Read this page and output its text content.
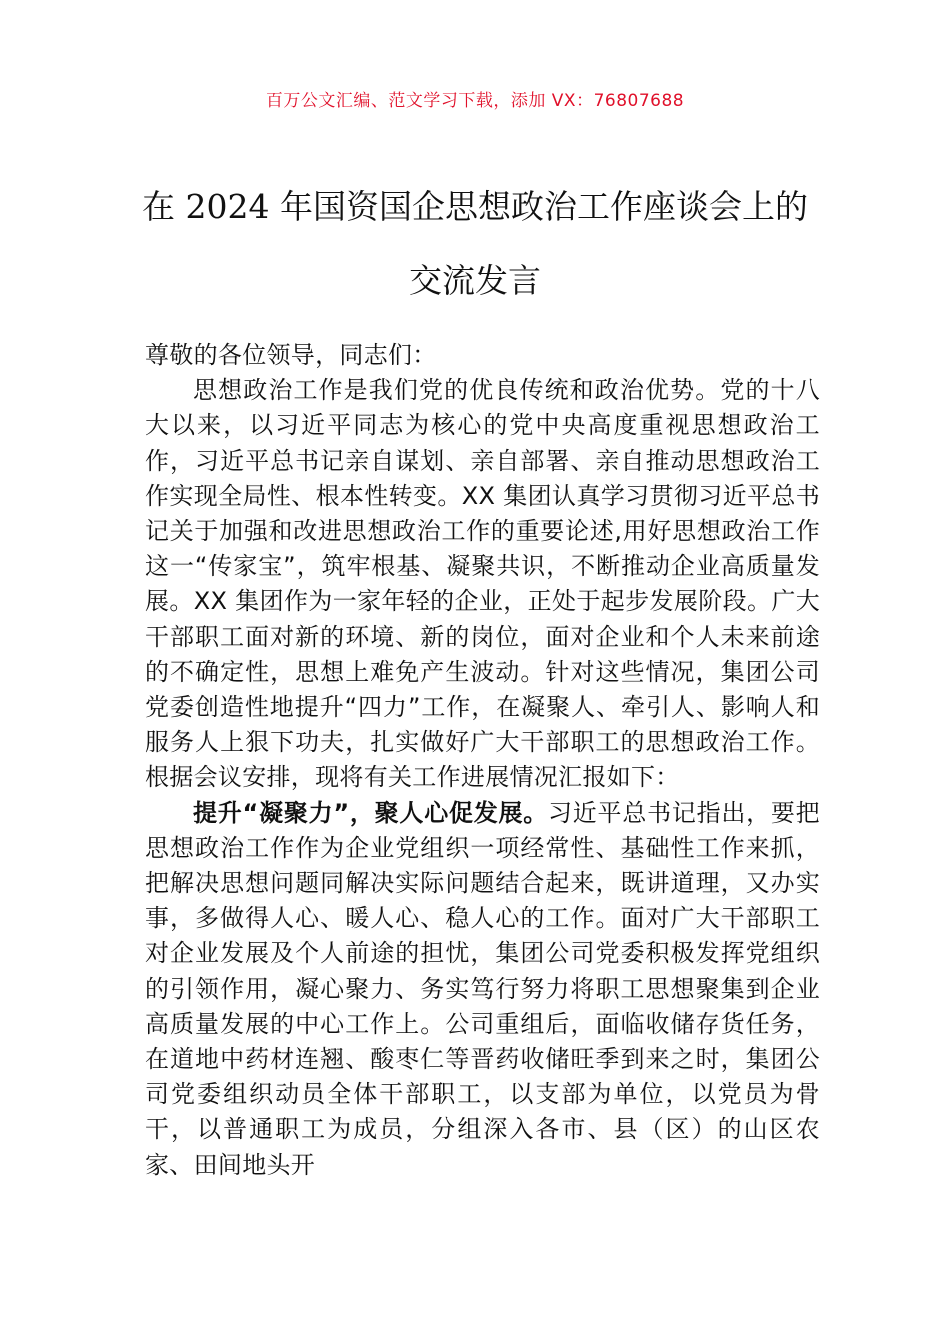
百万公文汇编、范文学习下载，添加 VX：76807688
在 2024 年国资国企思想政治工作座谈会上的交流发言

尊敬的各位领导，同志们：

思想政治工作是我们党的优良传统和政治优势。党的十八大以来，以习近平同志为核心的党中央高度重视思想政治工作，习近平总书记亲自谋划、亲自部署、亲自推动思想政治工作实现全局性、根本性转变。XX 集团认真学习贯彻习近平总书记关于加强和改进思想政治工作的重要论述,用好思想政治工作这一“传家宝”，筑牢根基、凝聚共识，不断推动企业高质量发展。XX 集团作为一家年轻的企业，正处于起步发展阶段。广大干部职工面对新的环境、新的岗位，面对企业和个人未来前途的不确定性，思想上难免产生波动。针对这些情况，集团公司党委创造性地提升“四力”工作，在凝聚人、牵引人、影响人和服务人上狠下功夫，扎实做好广大干部职工的思想政治工作。根据会议安排，现将有关工作进展情况汇报如下：

提升“凝聚力”，聚人心促发展。习近平总书记指出，要把思想政治工作作为企业党组织一项经常性、基础性工作来抓，把解决思想问题同解决实际问题结合起来，既讲道理，又办实事，多做得人心、暖人心、稳人心的工作。面对广大干部职工对企业发展及个人前途的担忧，集团公司党委积极发挥党组织的引领作用，凝心聚力、务实笃行努力将职工思想聚集到企业高质量发展的中心工作上。公司重组后，面临收储存货任务，在道地中药材连翘、酸枣仁等晋药收储旺季到来之时，集团公司党委组织动员全体干部职工，以支部为单位，以党员为骨干，以普通职工为成员，分组深入各市、县（区）的山区农家、田间地头开
